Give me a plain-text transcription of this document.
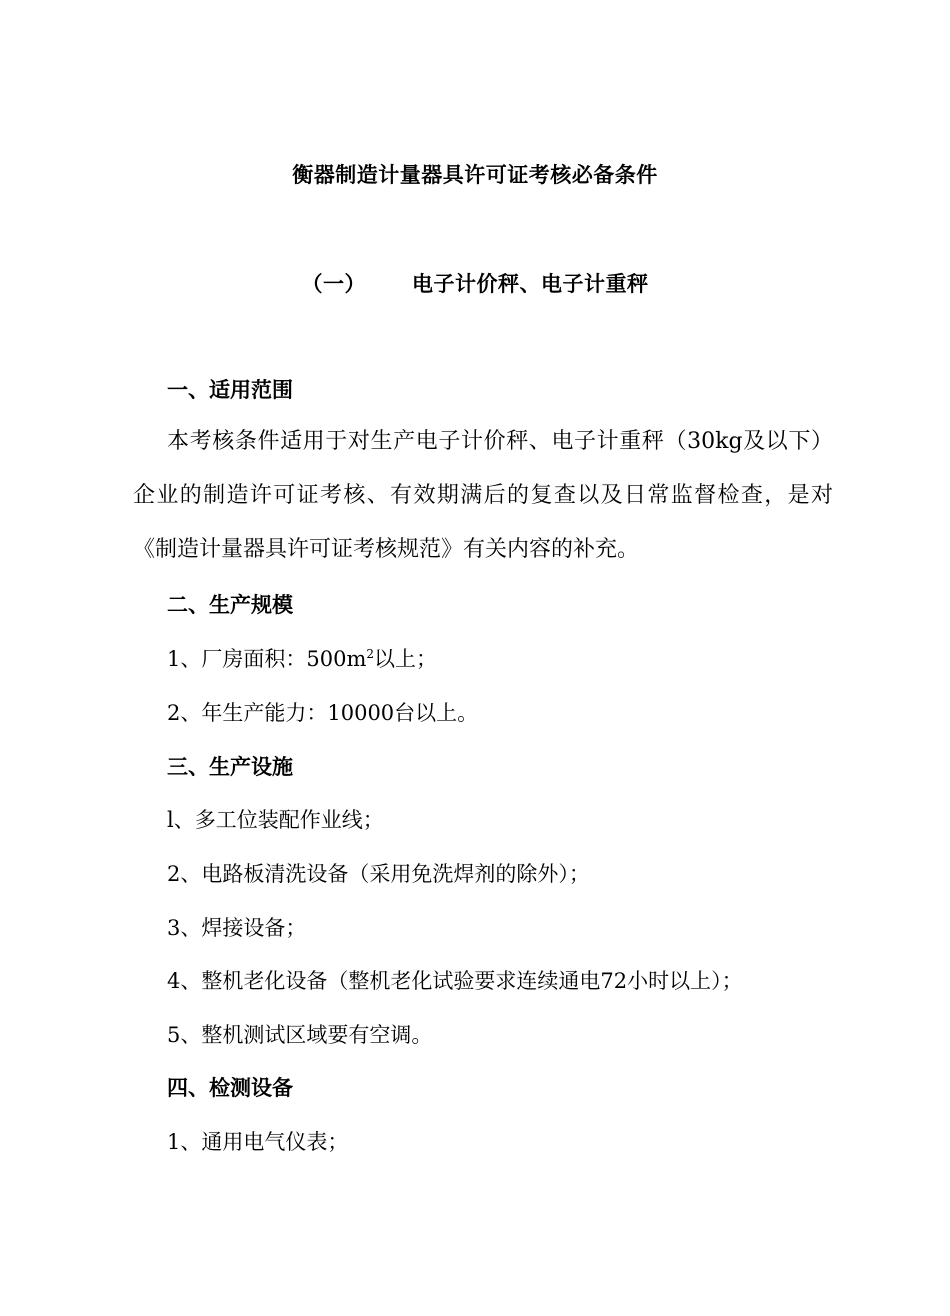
衡器制造计量器具许可证考核必备条件
（一） 电子计价秤、电子计重秤
一、适用范围
本考核条件适用于对生产电子计价秤、电子计重秤（30kg及以下）企业的制造许可证考核、有效期满后的复查以及日常监督检查，是对《制造计量器具许可证考核规范》有关内容的补充。
二、生产规模
1、厂房面积：$500m^2$以上；
2、年生产能力：10000台以上。
三、生产设施
l、多工位装配作业线；
2、电路板清洗设备（采用免洗焊剂的除外）；
3、焊接设备；
4、整机老化设备（整机老化试验要求连续通电72小时以上）；
5、整机测试区域要有空调。
四、检测设备
1、通用电气仪表；
